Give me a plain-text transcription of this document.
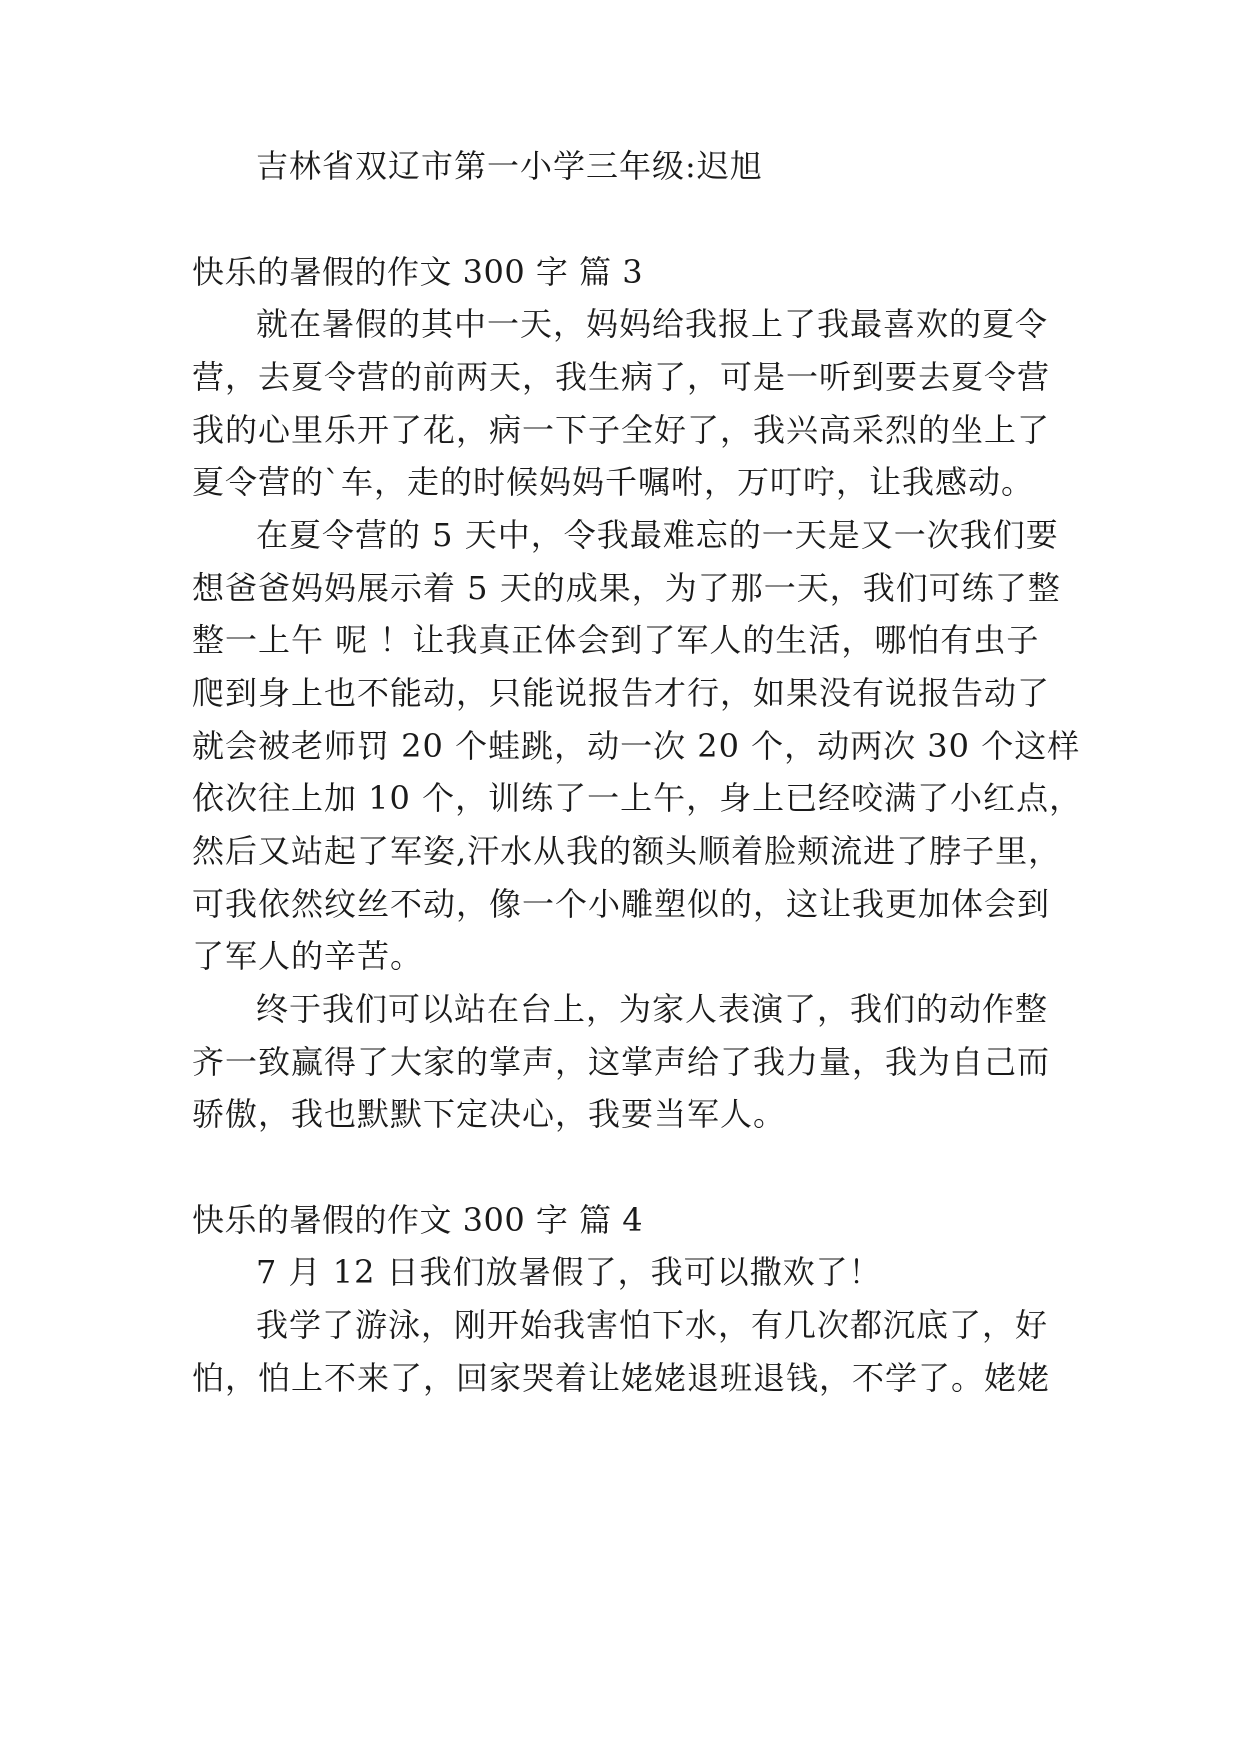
吉林省双辽市第一小学三年级:迟旭
快乐的暑假的作文 300 字 篇 3
就在暑假的其中一天，妈妈给我报上了我最喜欢的夏令
营，去夏令营的前两天，我生病了，可是一听到要去夏令营
我的心里乐开了花，病一下子全好了，我兴高采烈的坐上了
夏令营的`车，走的时候妈妈千嘱咐，万叮咛，让我感动。
在夏令营的 5 天中，令我最难忘的一天是又一次我们要
想爸爸妈妈展示着 5 天的成果，为了那一天，我们可练了整
整一上午 呢 ！让我真正体会到了军人的生活，哪怕有虫子
爬到身上也不能动，只能说报告才行，如果没有说报告动了
就会被老师罚 20 个蛙跳，动一次 20 个，动两次 30 个这样
依次往上加 10 个，训练了一上午，身上已经咬满了小红点，
然后又站起了军姿,汗水从我的额头顺着脸颊流进了脖子里，
可我依然纹丝不动，像一个小雕塑似的，这让我更加体会到
了军人的辛苦。
终于我们可以站在台上，为家人表演了，我们的动作整
齐一致赢得了大家的掌声，这掌声给了我力量，我为自己而
骄傲，我也默默下定决心，我要当军人。
快乐的暑假的作文 300 字 篇 4
7 月 12 日我们放暑假了，我可以撒欢了！
我学了游泳，刚开始我害怕下水，有几次都沉底了，好
怕，怕上不来了，回家哭着让姥姥退班退钱，不学了。姥姥
